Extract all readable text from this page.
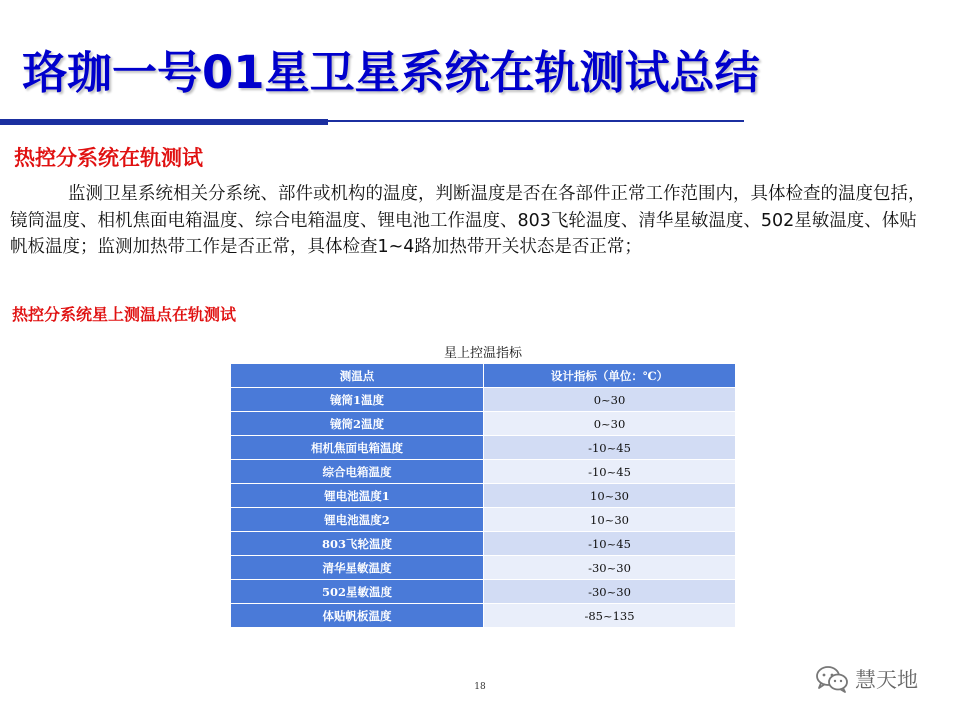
珞珈一号01星卫星系统在轨测试总结
热控分系统在轨测试
监测卫星系统相关分系统、部件或机构的温度，判断温度是否在各部件正常工作范围内，具体检查的温度包括，镜筒温度、相机焦面电箱温度、综合电箱温度、锂电池工作温度、803飞轮温度、清华星敏温度、502星敏温度、体贴帆板温度；监测加热带工作是否正常，具体检查1~4路加热带开关状态是否正常；
热控分系统星上测温点在轨测试
星上控温指标
测温点	设计指标（单位：℃）
镜筒1温度	0~30
镜筒2温度	0~30
相机焦面电箱温度	-10~45
综合电箱温度	-10~45
锂电池温度1	10~30
锂电池温度2	10~30
803飞轮温度	-10~45
清华星敏温度	-30~30
502星敏温度	-30~30
体贴帆板温度	-85~135
18	慧天地
